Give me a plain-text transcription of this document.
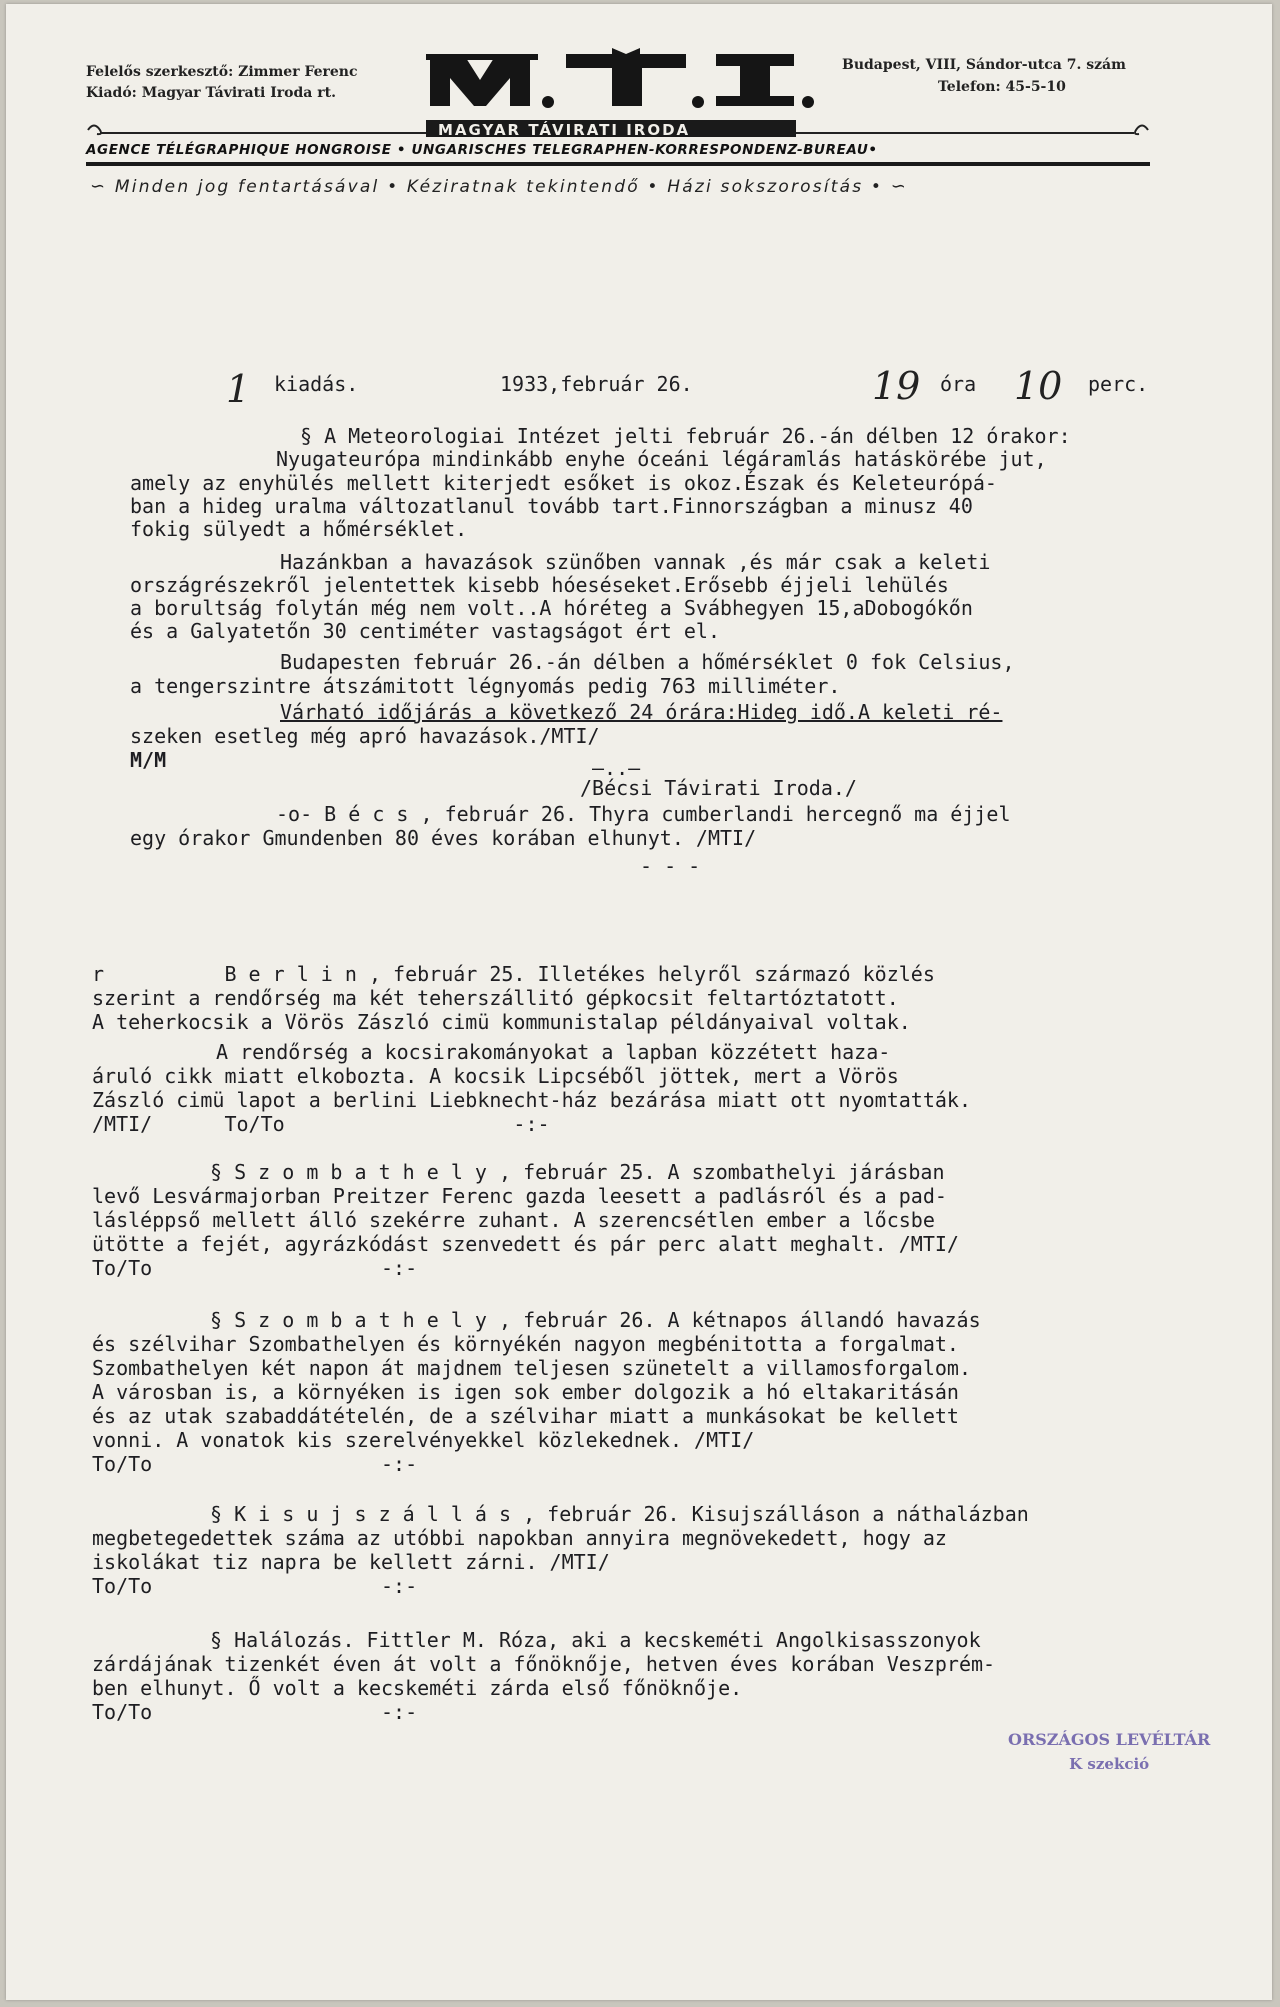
Felelős szerkesztő: Zimmer Ferenc
Kiadó: Magyar Távirati Iroda rt.
Budapest, VIII, Sándor-utca 7. szám
Telefon: 45-5-10
MAGYAR TÁVIRATI IRODA
AGENCE TÉLÉGRAPHIQUE HONGROISE • UNGARISCHES TELEGRAPHEN-KORRESPONDENZ-BUREAU•
∽ Minden jog fentartásával • Kéziratnak tekintendő • Házi sokszorosítás • ∽
1 kiadás.	1933,február 26.	19 óra 10 perc.
§ A Meteorologiai Intézet jelti február 26.-án délben 12 órakor:
Nyugateurópa mindinkább enyhe óceáni légáramlás hatáskörébe jut,
amely az enyhülés mellett kiterjedt esőket is okoz.Észak és Keleteurópá-
ban a hideg uralma változatlanul tovább tart.Finnországban a minusz 40
fokig sülyedt a hőmérséklet.
Hazánkban a havazások szünőben vannak ,és már csak a keleti
országrészekről jelentettek kisebb hóeséseket.Erősebb éjjeli lehülés
a borultság folytán még nem volt..A hóréteg a Svábhegyen 15,aDobogókőn
és a Galyatetőn 30 centiméter vastagságot ért el.
Budapesten február 26.-án délben a hőmérséklet 0 fok Celsius,
a tengerszintre átszámitott légnyomás pedig 763 milliméter.
Várható időjárás a következő 24 órára:Hideg idő.A keleti ré-
szeken esetleg még apró havazások./MTI/
M/M	—..—
/Bécsi Távirati Iroda./
-o- B é c s , február 26. Thyra cumberlandi hercegnő ma éjjel
egy órakor Gmundenben 80 éves korában elhunyt. /MTI/
- - -
r          B e r l i n , február 25. Illetékes helyről származó közlés
szerint a rendőrség ma két teherszállitó gépkocsit feltartóztatott.
A teherkocsik a Vörös Zászló cimü kommunistalap példányaival voltak.
A rendőrség a kocsirakományokat a lapban közzétett haza-
áruló cikk miatt elkobozta. A kocsik Lipcséből jöttek, mert a Vörös
Zászló cimü lapot a berlini Liebknecht-ház bezárása miatt ott nyomtatták.
/MTI/      To/To                   -:-
§ S z o m b a t h e l y , február 25. A szombathelyi járásban
levő Lesvármajorban Preitzer Ferenc gazda leesett a padlásról és a pad-
lásléppső mellett álló szekérre zuhant. A szerencsétlen ember a lőcsbe
ütötte a fejét, agyrázkódást szenvedett és pár perc alatt meghalt. /MTI/
To/To                   -:-
§ S z o m b a t h e l y , február 26. A kétnapos állandó havazás
és szélvihar Szombathelyen és környékén nagyon megbénitotta a forgalmat.
Szombathelyen két napon át majdnem teljesen szünetelt a villamosforgalom.
A városban is, a környéken is igen sok ember dolgozik a hó eltakaritásán
és az utak szabaddátételén, de a szélvihar miatt a munkásokat be kellett
vonni. A vonatok kis szerelvényekkel közlekednek. /MTI/
To/To                   -:-
§ K i s u j s z á l l á s , február 26. Kisujszálláson a náthalázban
megbetegedettek száma az utóbbi napokban annyira megnövekedett, hogy az
iskolákat tiz napra be kellett zárni. /MTI/
To/To                   -:-
§ Halálozás. Fittler M. Róza, aki a kecskeméti Angolkisasszonyok
zárdájának tizenkét éven át volt a főnöknője, hetven éves korában Veszprém-
ben elhunyt. Ő volt a kecskeméti zárda első főnöknője.
To/To                   -:-
ORSZÁGOS LEVÉLTÁR
K szekció
